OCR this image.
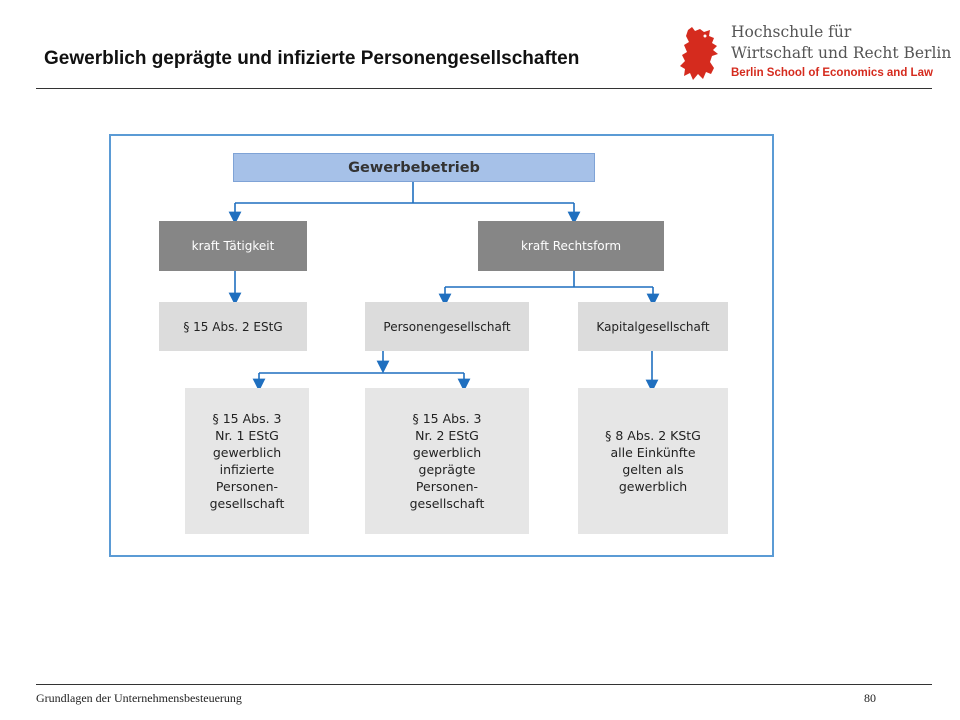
Gewerblich geprägte und infizierte Personengesellschaften
Hochschule für
Wirtschaft und Recht Berlin
Berlin School of Economics and Law
Gewerbebetrieb
kraft Tätigkeit	kraft Rechtsform
§ 15 Abs. 2 EStG	Personengesellschaft	Kapitalgesellschaft
§ 15 Abs. 3
Nr. 1 EStG
gewerblich
infizierte
Personen-
gesellschaft
§ 15 Abs. 3
Nr. 2 EStG
gewerblich
geprägte
Personen-
gesellschaft
§ 8 Abs. 2 KStG
alle Einkünfte
gelten als
gewerblich
Grundlagen der Unternehmensbesteuerung	80
